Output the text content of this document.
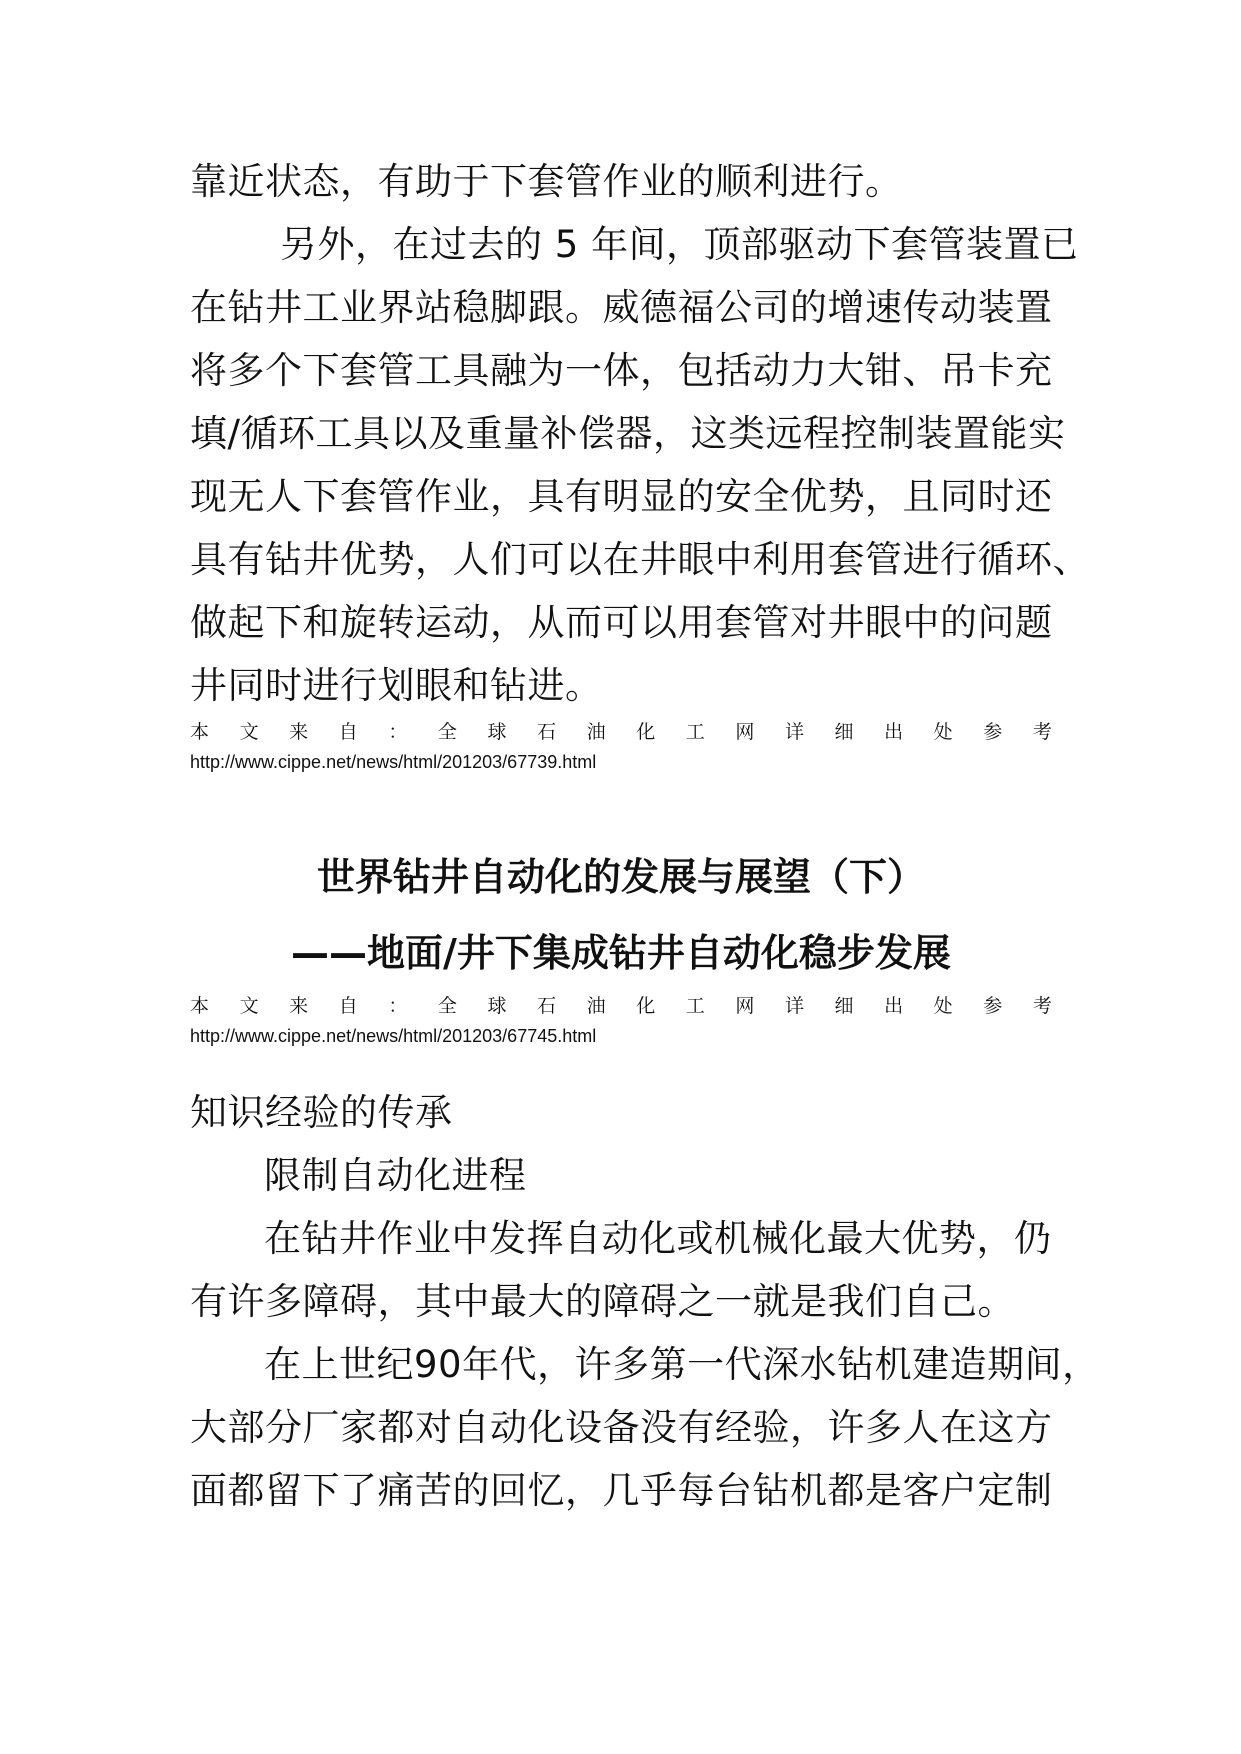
靠近状态，有助于下套管作业的顺利进行。
另外，在过去的 5 年间，顶部驱动下套管装置已
在钻井工业界站稳脚跟。威德福公司的增速传动装置
将多个下套管工具融为一体，包括动力大钳、吊卡充
填/循环工具以及重量补偿器，这类远程控制装置能实
现无人下套管作业，具有明显的安全优势，且同时还
具有钻井优势，人们可以在井眼中利用套管进行循环、
做起下和旋转运动，从而可以用套管对井眼中的问题
井同时进行划眼和钻进。
本 文 来 自 ： 全 球 石 油 化 工 网 详 细 出 处 参 考
http://www.cippe.net/news/html/201203/67739.html
世界钻井自动化的发展与展望（下）
——地面/井下集成钻井自动化稳步发展
本 文 来 自 ： 全 球 石 油 化 工 网 详 细 出 处 参 考
http://www.cippe.net/news/html/201203/67745.html
知识经验的传承
限制自动化进程
在钻井作业中发挥自动化或机械化最大优势，仍
有许多障碍，其中最大的障碍之一就是我们自己。
在上世纪90年代，许多第一代深水钻机建造期间，
大部分厂家都对自动化设备没有经验，许多人在这方
面都留下了痛苦的回忆，几乎每台钻机都是客户定制
